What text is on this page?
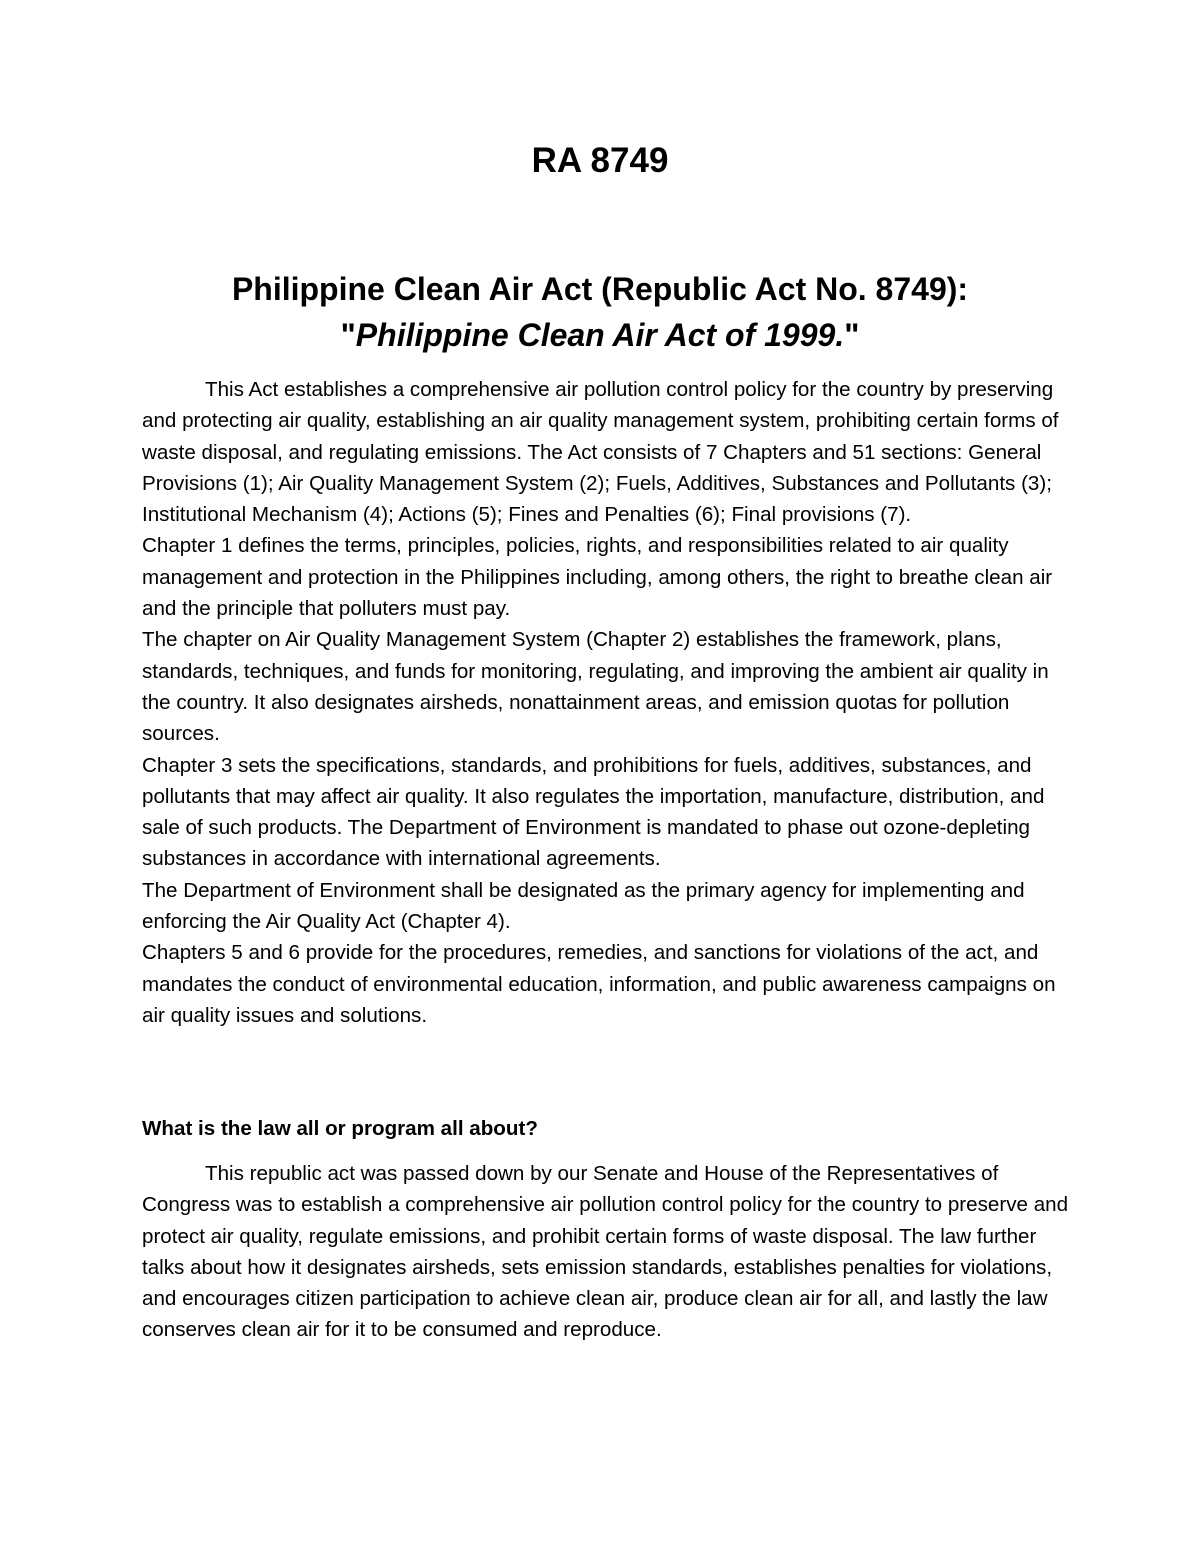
RA 8749
Philippine Clean Air Act (Republic Act No. 8749):
"Philippine Clean Air Act of 1999."

This Act establishes a comprehensive air pollution control policy for the country by preserving and protecting air quality, establishing an air quality management system, prohibiting certain forms of waste disposal, and regulating emissions. The Act consists of 7 Chapters and 51 sections: General Provisions (1); Air Quality Management System (2); Fuels, Additives, Substances and Pollutants (3); Institutional Mechanism (4); Actions (5); Fines and Penalties (6); Final provisions (7).

Chapter 1 defines the terms, principles, policies, rights, and responsibilities related to air quality management and protection in the Philippines including, among others, the right to breathe clean air and the principle that polluters must pay.

The chapter on Air Quality Management System (Chapter 2) establishes the framework, plans, standards, techniques, and funds for monitoring, regulating, and improving the ambient air quality in the country. It also designates airsheds, nonattainment areas, and emission quotas for pollution sources.

Chapter 3 sets the specifications, standards, and prohibitions for fuels, additives, substances, and pollutants that may affect air quality. It also regulates the importation, manufacture, distribution, and sale of such products. The Department of Environment is mandated to phase out ozone-depleting substances in accordance with international agreements.

The Department of Environment shall be designated as the primary agency for implementing and enforcing the Air Quality Act (Chapter 4).

Chapters 5 and 6 provide for the procedures, remedies, and sanctions for violations of the act, and mandates the conduct of environmental education, information, and public awareness campaigns on air quality issues and solutions.

What is the law all or program all about?

This republic act was passed down by our Senate and House of the Representatives of Congress was to establish a comprehensive air pollution control policy for the country to preserve and protect air quality, regulate emissions, and prohibit certain forms of waste disposal. The law further talks about how it designates airsheds, sets emission standards, establishes penalties for violations, and encourages citizen participation to achieve clean air, produce clean air for all, and lastly the law conserves clean air for it to be consumed and reproduce.
